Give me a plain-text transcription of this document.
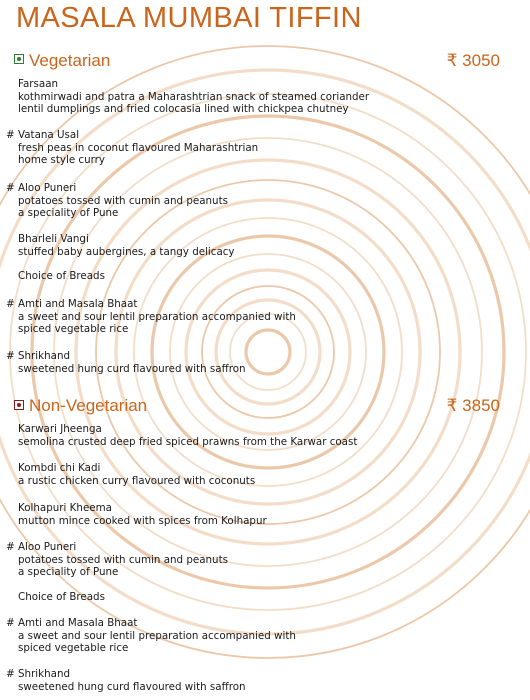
MASALA MUMBAI TIFFIN
Vegetarian	₹ 3050
Farsaan
kothmirwadi and patra a Maharashtrian snack of steamed coriander
lentil dumplings and fried colocasia lined with chickpea chutney
# Vatana Usal
fresh peas in coconut flavoured Maharashtrian
home style curry
# Aloo Puneri
potatoes tossed with cumin and peanuts
a speciality of Pune
Bharleli Vangi
stuffed baby aubergines, a tangy delicacy
Choice of Breads
# Amti and Masala Bhaat
a sweet and sour lentil preparation accompanied with
spiced vegetable rice
# Shrikhand
sweetened hung curd flavoured with saffron
Non-Vegetarian	₹ 3850
Karwari Jheenga
semolina crusted deep fried spiced prawns from the Karwar coast
Kombdi chi Kadi
a rustic chicken curry flavoured with coconuts
Kolhapuri Kheema
mutton mince cooked with spices from Kolhapur
# Aloo Puneri
potatoes tossed with cumin and peanuts
a speciality of Pune
Choice of Breads
# Amti and Masala Bhaat
a sweet and sour lentil preparation accompanied with
spiced vegetable rice
# Shrikhand
sweetened hung curd flavoured with saffron
